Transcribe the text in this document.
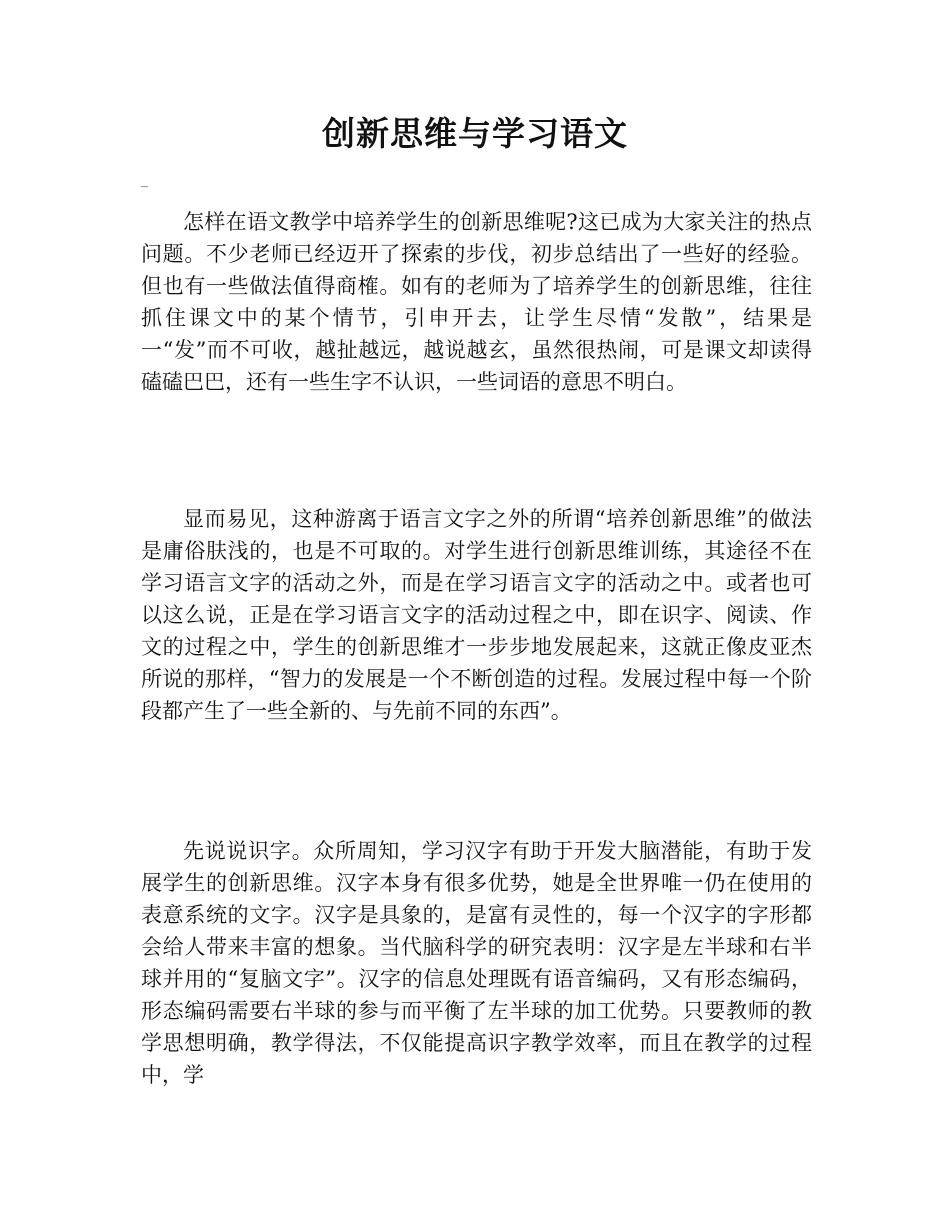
创新思维与学习语文
_

怎样在语文教学中培养学生的创新思维呢?这已成为大家关注的热点问题。不少老师已经迈开了探索的步伐，初步总结出了一些好的经验。但也有一些做法值得商榷。如有的老师为了培养学生的创新思维，往往抓住课文中的某个情节，引申开去，让学生尽情“发散”，结果是一“发”而不可收，越扯越远，越说越玄，虽然很热闹，可是课文却读得磕磕巴巴，还有一些生字不认识，一些词语的意思不明白。

显而易见，这种游离于语言文字之外的所谓“培养创新思维”的做法是庸俗肤浅的，也是不可取的。对学生进行创新思维训练，其途径不在学习语言文字的活动之外，而是在学习语言文字的活动之中。或者也可以这么说，正是在学习语言文字的活动过程之中，即在识字、阅读、作文的过程之中，学生的创新思维才一步步地发展起来，这就正像皮亚杰所说的那样，“智力的发展是一个不断创造的过程。发展过程中每一个阶段都产生了一些全新的、与先前不同的东西”。

先说说识字。众所周知，学习汉字有助于开发大脑潜能，有助于发展学生的创新思维。汉字本身有很多优势，她是全世界唯一仍在使用的表意系统的文字。汉字是具象的，是富有灵性的，每一个汉字的字形都会给人带来丰富的想象。当代脑科学的研究表明：汉字是左半球和右半球并用的“复脑文字”。汉字的信息处理既有语音编码，又有形态编码，形态编码需要右半球的参与而平衡了左半球的加工优势。只要教师的教学思想明确，教学得法，不仅能提高识字教学效率，而且在教学的过程中，学
